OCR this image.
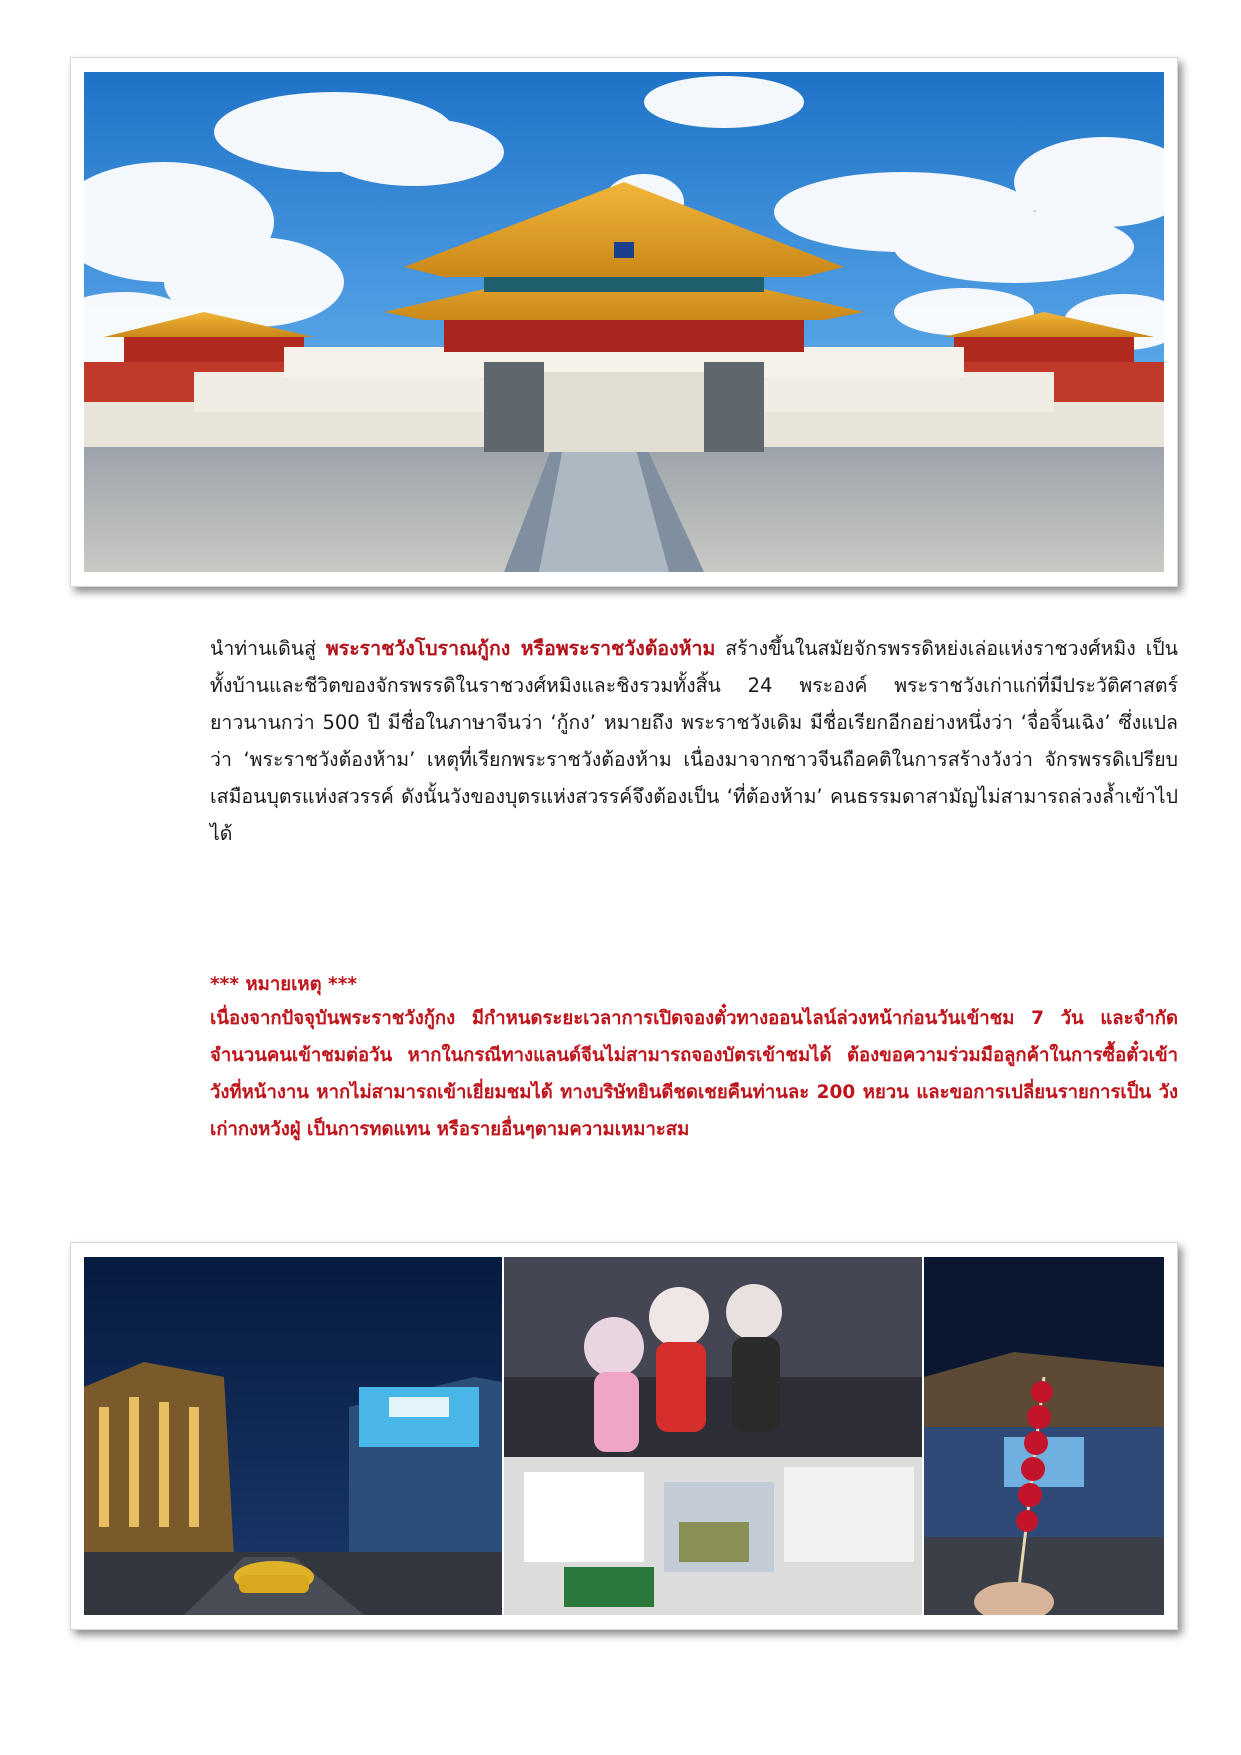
นำท่านเดินสู่ พระราชวังโบราณกู้กง หรือพระราชวังต้องห้าม สร้างขึ้นในสมัยจักรพรรดิหย่งเล่อแห่งราชวงศ์หมิง เป็นทั้งบ้านและชีวิตของจักรพรรดิในราชวงศ์หมิงและชิงรวมทั้งสิ้น 24 พระองค์ พระราชวังเก่าแก่ที่มีประวัติศาสตร์ยาวนานกว่า 500 ปี มีชื่อในภาษาจีนว่า ‘กู้กง’ หมายถึง พระราชวังเดิม มีชื่อเรียกอีกอย่างหนึ่งว่า ‘จื่อจิ้นเฉิง’ ซึ่งแปลว่า ‘พระราชวังต้องห้าม’ เหตุที่เรียกพระราชวังต้องห้าม เนื่องมาจากชาวจีนถือคติในการสร้างวังว่า จักรพรรดิเปรียบเสมือนบุตรแห่งสวรรค์ ดังนั้นวังของบุตรแห่งสวรรค์จึงต้องเป็น ‘ที่ต้องห้าม’ คนธรรมดาสามัญไม่สามารถล่วงล้ำเข้าไปได้
*** หมายเหตุ ***
เนื่องจากปัจจุบันพระราชวังกู้กง มีกำหนดระยะเวลาการเปิดจองตั๋วทางออนไลน์ล่วงหน้าก่อนวันเข้าชม 7 วัน และจำกัดจำนวนคนเข้าชมต่อวัน หากในกรณีทางแลนด์จีนไม่สามารถจองบัตรเข้าชมได้ ต้องขอความร่วมมือลูกค้าในการซื้อตั๋วเข้าวังที่หน้างาน หากไม่สามารถเข้าเยี่ยมชมได้ ทางบริษัทยินดีชดเชยคืนท่านละ 200 หยวน และขอการเปลี่ยนรายการเป็น วังเก่ากงหวังฝู่ เป็นการทดแทน หรือรายอื่นๆตามความเหมาะสม
